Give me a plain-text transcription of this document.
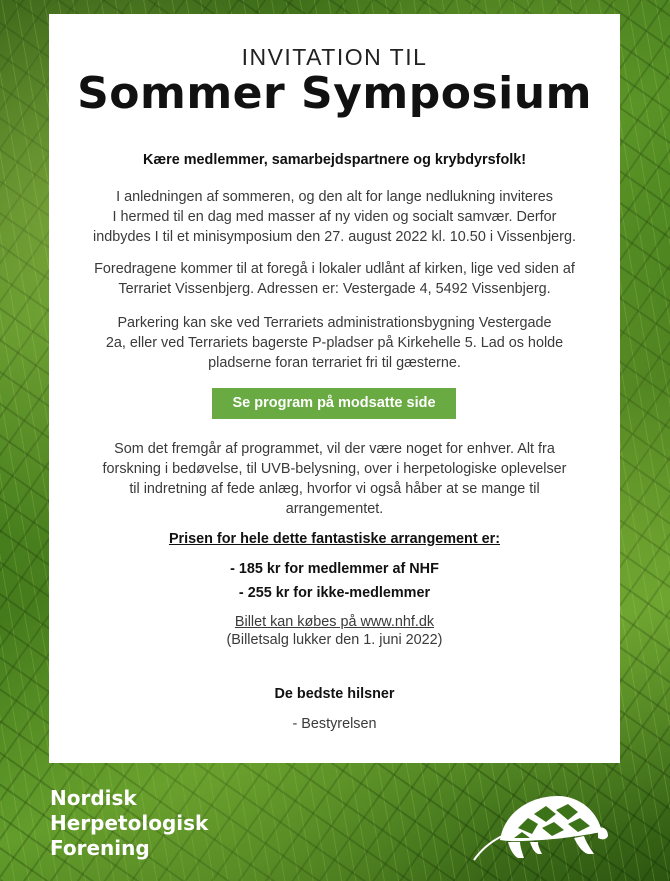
INVITATION TIL
Sommer Symposium
Kære medlemmer, samarbejdspartnere og krybdyrsfolk!
I anledningen af sommeren, og den alt for lange nedlukning inviteres
I hermed til en dag med masser af ny viden og socialt samvær. Derfor
indbydes I til et minisymposium den 27. august 2022 kl. 10.50 i Vissenbjerg.
Foredragene kommer til at foregå i lokaler udlånt af kirken, lige ved siden af
Terrariet Vissenbjerg. Adressen er: Vestergade 4, 5492 Vissenbjerg.
Parkering kan ske ved Terrariets administrationsbygning Vestergade
2a, eller ved Terrariets bagerste P-pladser på Kirkehelle 5. Lad os holde
pladserne foran terrariet fri til gæsterne.
Se program på modsatte side
Som det fremgår af programmet, vil der være noget for enhver. Alt fra
forskning i bedøvelse, til UVB-belysning, over i herpetologiske oplevelser
til indretning af fede anlæg, hvorfor vi også håber at se mange til
arrangementet.
Prisen for hele dette fantastiske arrangement er:
- 185 kr for medlemmer af NHF
- 255 kr for ikke-medlemmer
Billet kan købes på www.nhf.dk
(Billetsalg lukker den 1. juni 2022)
De bedste hilsner
- Bestyrelsen
Nordisk
Herpetologisk
Forening
